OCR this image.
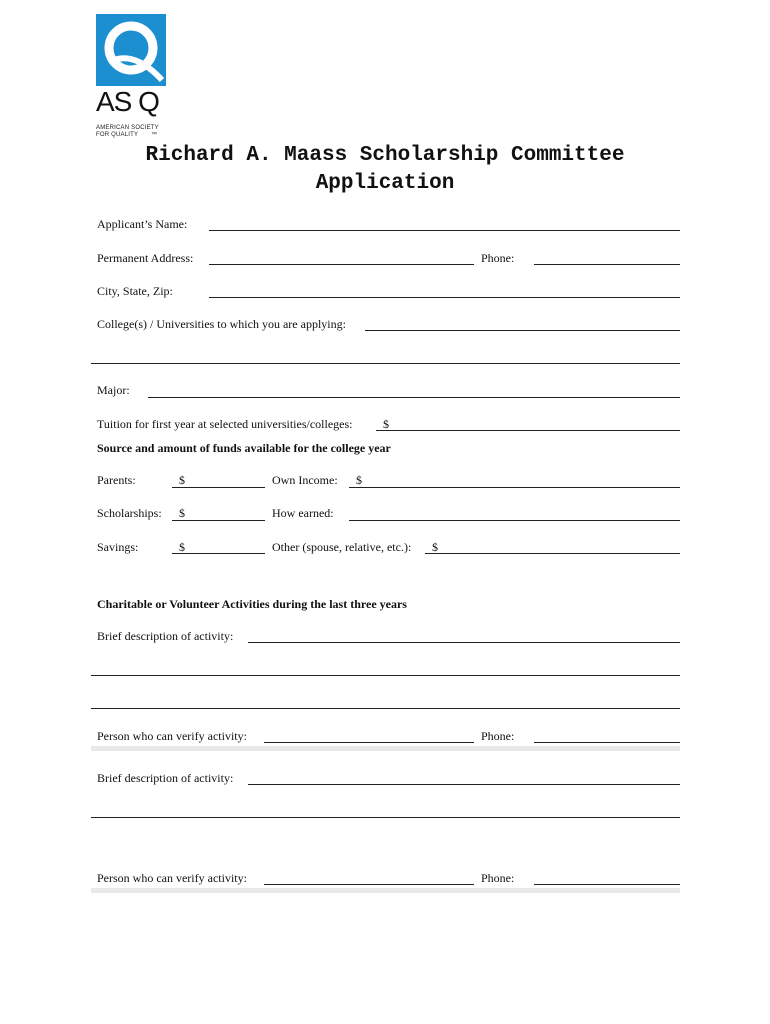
AS Q
AMERICAN SOCIETY
FOR QUALITY ™
Richard A. Maass Scholarship Committee
Application
Applicant’s Name:
Permanent Address:	Phone:
City, State, Zip:
College(s) / Universities to which you are applying:
Major:
Tuition for first year at selected universities/colleges:	$
Source and amount of funds available for the college year
Parents:	$	Own Income: $
Scholarships: $	How earned:
Savings:	$	Other (spouse, relative, etc.): $
Charitable or Volunteer Activities during the last three years
Brief description of activity:
Person who can verify activity:	Phone:
Brief description of activity:
Person who can verify activity:	Phone:
